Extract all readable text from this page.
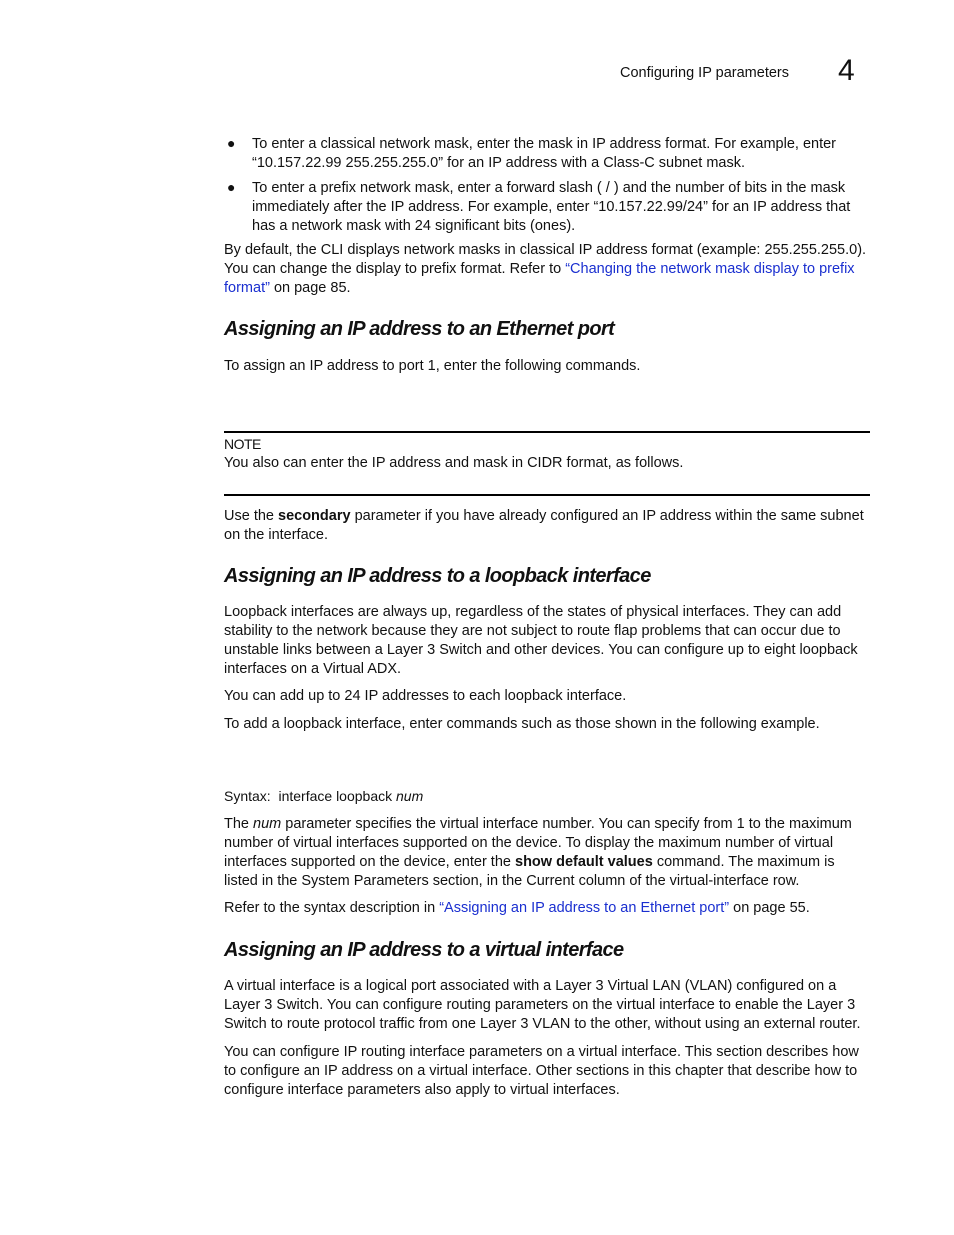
Configuring IP parameters 4
● To enter a classical network mask, enter the mask in IP address format. For example, enter “10.157.22.99 255.255.255.0” for an IP address with a Class-C subnet mask.

● To enter a prefix network mask, enter a forward slash ( / ) and the number of bits in the mask immediately after the IP address. For example, enter “10.157.22.99/24” for an IP address that has a network mask with 24 significant bits (ones).

By default, the CLI displays network masks in classical IP address format (example: 255.255.255.0). You can change the display to prefix format. Refer to “Changing the network mask display to prefix format” on page 85.

Assigning an IP address to an Ethernet port

To assign an IP address to port 1, enter the following commands.

NOTE

You also can enter the IP address and mask in CIDR format, as follows.

Use the secondary parameter if you have already configured an IP address within the same subnet on the interface.

Assigning an IP address to a loopback interface

Loopback interfaces are always up, regardless of the states of physical interfaces. They can add stability to the network because they are not subject to route flap problems that can occur due to unstable links between a Layer 3 Switch and other devices. You can configure up to eight loopback interfaces on a Virtual ADX.

You can add up to 24 IP addresses to each loopback interface.

To add a loopback interface, enter commands such as those shown in the following example.

Syntax: interface loopback num

The num parameter specifies the virtual interface number. You can specify from 1 to the maximum number of virtual interfaces supported on the device. To display the maximum number of virtual interfaces supported on the device, enter the show default values command. The maximum is listed in the System Parameters section, in the Current column of the virtual-interface row.

Refer to the syntax description in “Assigning an IP address to an Ethernet port” on page 55.

Assigning an IP address to a virtual interface

A virtual interface is a logical port associated with a Layer 3 Virtual LAN (VLAN) configured on a Layer 3 Switch. You can configure routing parameters on the virtual interface to enable the Layer 3 Switch to route protocol traffic from one Layer 3 VLAN to the other, without using an external router.

You can configure IP routing interface parameters on a virtual interface. This section describes how to configure an IP address on a virtual interface. Other sections in this chapter that describe how to configure interface parameters also apply to virtual interfaces.
